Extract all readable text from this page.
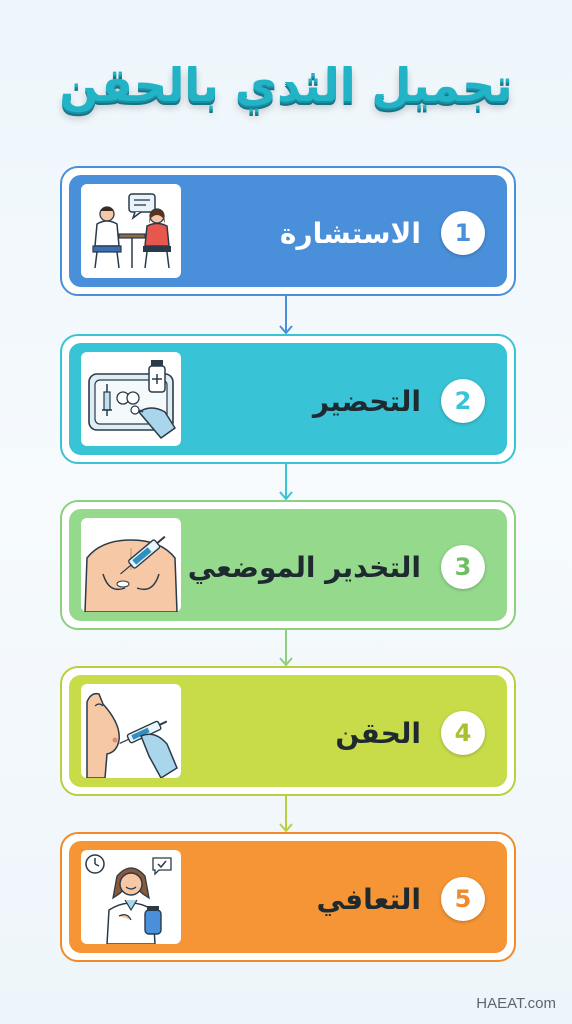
تجميل الثدي بالحقن
الاستشارة	1
التحضير	2
التخدير الموضعي	3
الحقن	4
التعافي	5
HAEAT.com
